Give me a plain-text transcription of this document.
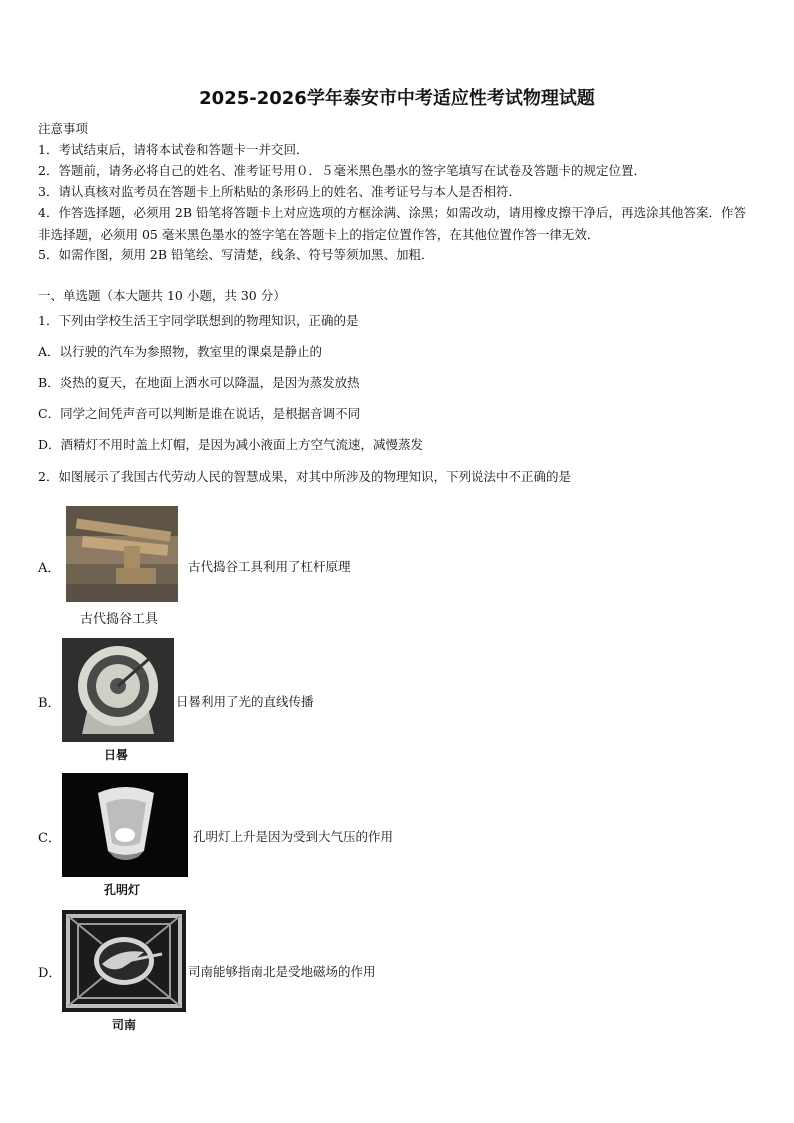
2025-2026学年泰安市中考适应性考试物理试题
注意事项
1．考试结束后，请将本试卷和答题卡一并交回．
2．答题前，请务必将自己的姓名、准考证号用０．５毫米黑色墨水的签字笔填写在试卷及答题卡的规定位置．
3．请认真核对监考员在答题卡上所粘贴的条形码上的姓名、准考证号与本人是否相符．
4．作答选择题，必须用 2B 铅笔将答题卡上对应选项的方框涂满、涂黑；如需改动，请用橡皮擦干净后，再选涂其他答案．作答非选择题，必须用 05 毫米黑色墨水的签字笔在答题卡上的指定位置作答，在其他位置作答一律无效．
5．如需作图，须用 2B 铅笔绘、写清楚，线条、符号等须加黑、加粗．
一、单选题（本大题共 10 小题，共 30 分）
1．下列由学校生活王宇同学联想到的物理知识，正确的是
A．以行驶的汽车为参照物，教室里的课桌是静止的
B．炎热的夏天，在地面上洒水可以降温，是因为蒸发放热
C．同学之间凭声音可以判断是谁在说话，是根据音调不同
D．酒精灯不用时盖上灯帽，是因为减小液面上方空气流速，减慢蒸发
2．如图展示了我国古代劳动人民的智慧成果，对其中所涉及的物理知识，下列说法中不正确的是
A．	古代捣谷工具利用了杠杆原理
古代捣谷工具
B．	日晷利用了光的直线传播
日晷
C．	孔明灯上升是因为受到大气压的作用
孔明灯
D．	司南能够指南北是受地磁场的作用
司南
